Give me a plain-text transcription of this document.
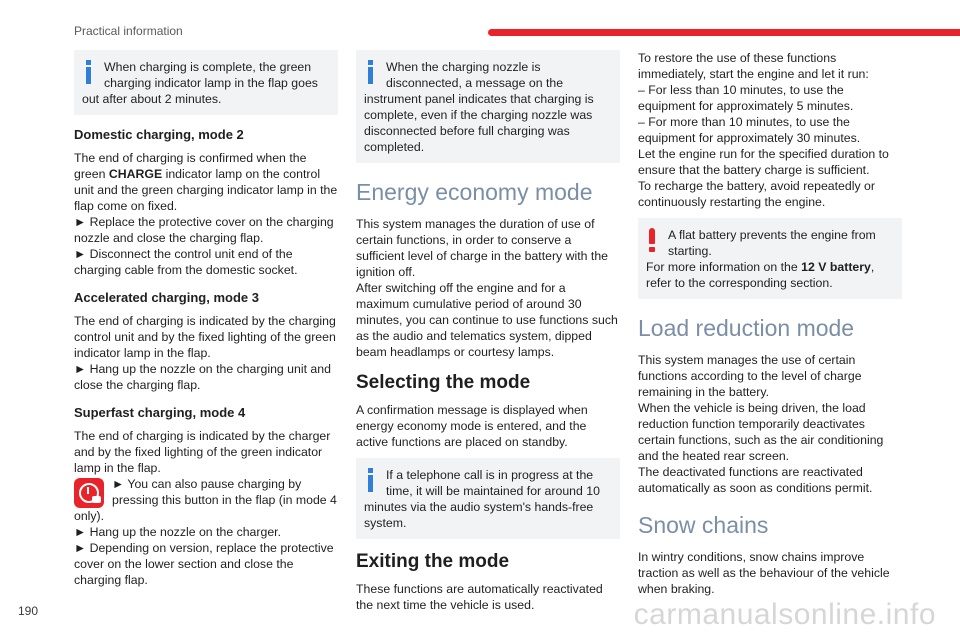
Practical information
When charging is complete, the green charging indicator lamp in the flap goes out after about 2 minutes.
Domestic charging, mode 2

The end of charging is confirmed when the green CHARGE indicator lamp on the control unit and the green charging indicator lamp in the flap come on fixed.
► Replace the protective cover on the charging nozzle and close the charging flap.
► Disconnect the control unit end of the charging cable from the domestic socket.

Accelerated charging, mode 3

The end of charging is indicated by the charging control unit and by the fixed lighting of the green indicator lamp in the flap.
► Hang up the nozzle on the charging unit and close the charging flap.

Superfast charging, mode 4

The end of charging is indicated by the charger and by the fixed lighting of the green indicator lamp in the flap.

► You can also pause charging by pressing this button in the flap (in mode 4 only).
► Hang up the nozzle on the charger.
► Depending on version, replace the protective cover on the lower section and close the charging flap.

When the charging nozzle is disconnected, a message on the instrument panel indicates that charging is complete, even if the charging nozzle was disconnected before full charging was completed.
Energy economy mode

This system manages the duration of use of certain functions, in order to conserve a sufficient level of charge in the battery with the ignition off.
After switching off the engine and for a maximum cumulative period of around 30 minutes, you can continue to use functions such as the audio and telematics system, dipped beam headlamps or courtesy lamps.

Selecting the mode

A confirmation message is displayed when energy economy mode is entered, and the active functions are placed on standby.

If a telephone call is in progress at the time, it will be maintained for around 10 minutes via the audio system's hands-free system.
Exiting the mode

These functions are automatically reactivated the next time the vehicle is used.

To restore the use of these functions immediately, start the engine and let it run:
– For less than 10 minutes, to use the equipment for approximately 5 minutes.
– For more than 10 minutes, to use the equipment for approximately 30 minutes.
Let the engine run for the specified duration to ensure that the battery charge is sufficient.
To recharge the battery, avoid repeatedly or continuously restarting the engine.

A flat battery prevents the engine from starting.
For more information on the 12 V battery, refer to the corresponding section.
Load reduction mode

This system manages the use of certain functions according to the level of charge remaining in the battery.
When the vehicle is being driven, the load reduction function temporarily deactivates certain functions, such as the air conditioning and the heated rear screen.
The deactivated functions are reactivated automatically as soon as conditions permit.

Snow chains

In wintry conditions, snow chains improve traction as well as the behaviour of the vehicle when braking.

190	carmanualsonline.info
